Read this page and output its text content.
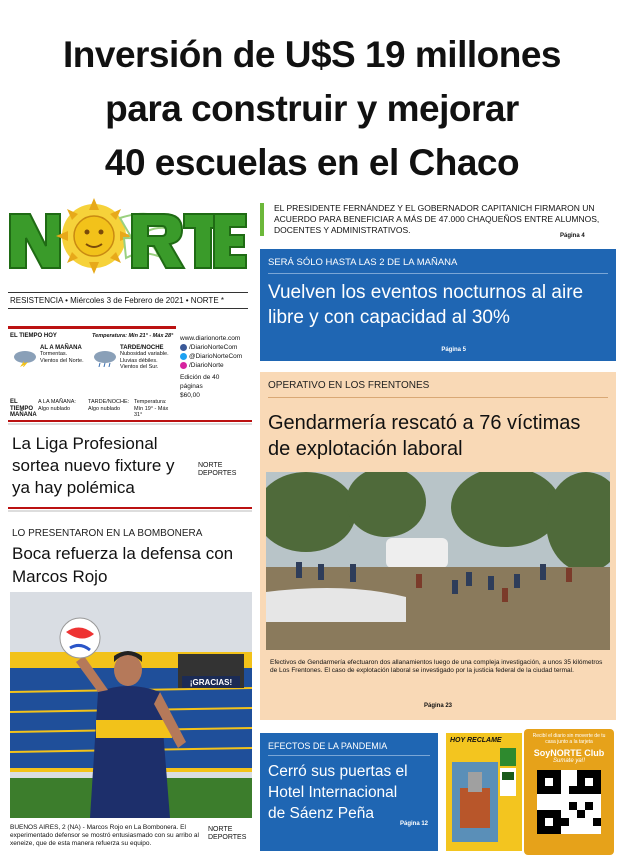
Inversión de U$S 19 millones
para construir y mejorar
40 escuelas en el Chaco
RESISTENCIA • Miércoles 3 de Febrero de 2021 • NORTE *
EL TIEMPO HOY	Temperatura: Mín 21° - Máx 28°
AL A MAÑANA
Tormentas. Vientos del Norte.
TARDE/NOCHE
Nubosidad variable. Lluvias débiles. Vientos del Sur.
EL TIEMPO MAÑANA
A LA MAÑANA: Algo nublado
TARDE/NOCHE: Algo nublado
Temperatura: Mín 19° - Máx 31°
www.diarionorte.com
/DiarioNorteCom
@DiarioNorteCom
/DiarioNorte
Edición de 40 páginas
$60,00
La Liga Profesional sortea nuevo fixture y ya hay polémica
NORTE
DEPORTES
LO PRESENTARON EN LA BOMBONERA
Boca refuerza la defensa con Marcos Rojo
¡GRACIAS!
BUENOS AIRES, 2 (NA) - Marcos Rojo en La Bombonera. El experimentado defensor se mostró entusiasmado con su arribo al xeneize, que de esta manera refuerza su equipo.
NORTE
DEPORTES
EL PRESIDENTE FERNÁNDEZ Y EL GOBERNADOR CAPITANICH FIRMARON UN ACUERDO PARA BENEFICIAR A MÁS DE 47.000 CHAQUEÑOS ENTRE ALUMNOS, DOCENTES Y ADMINISTRATIVOS.
Página 4
SERÁ SÓLO HASTA LAS 2 DE LA MAÑANA
Vuelven los eventos nocturnos al aire libre y con capacidad al 30%
Página 5
OPERATIVO EN LOS FRENTONES
Gendarmería rescató a 76 víctimas de explotación laboral
Efectivos de Gendarmería efectuaron dos allanamientos luego de una compleja investigación, a unos 35 kilómetros de Los Frentones. El caso de explotación laboral se investigado por la justicia federal de la ciudad termal.
Página 23
EFECTOS DE LA PANDEMIA
Cerró sus puertas el Hotel Internacional de Sáenz Peña
Página 12
HOY RECLAME
Recibí el diario sin moverte de tu casa junto a la tarjeta
SoyNORTE Club
Sumate ya!!
